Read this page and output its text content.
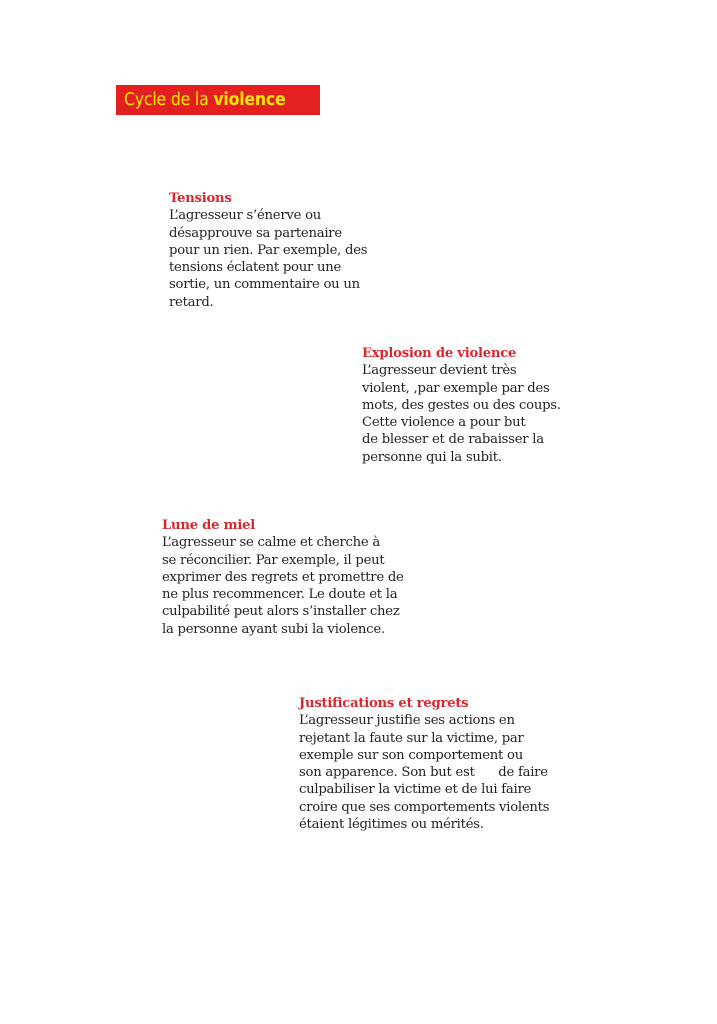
Cycle de la violence
Tensions
L’agresseur s’énerve ou
désapprouve sa partenaire
pour un rien. Par exemple, des
tensions éclatent pour une
sortie, un commentaire ou un
retard.
Explosion de violence
L’agresseur devient très
violent, ,par exemple par des
mots, des gestes ou des coups.
Cette violence a pour but
de blesser et de rabaisser la
personne qui la subit.
Lune de miel
L’agresseur se calme et cherche à
se réconcilier. Par exemple, il peut
exprimer des regrets et promettre de
ne plus recommencer. Le doute et la
culpabilité peut alors s’installer chez
la personne ayant subi la violence.
Justifications et regrets
L’agresseur justifie ses actions en
rejetant la faute sur la victime, par
exemple sur son comportement ou
son apparence. Son but est      de faire
culpabiliser la victime et de lui faire
croire que ses comportements violents
étaient légitimes ou mérités.
